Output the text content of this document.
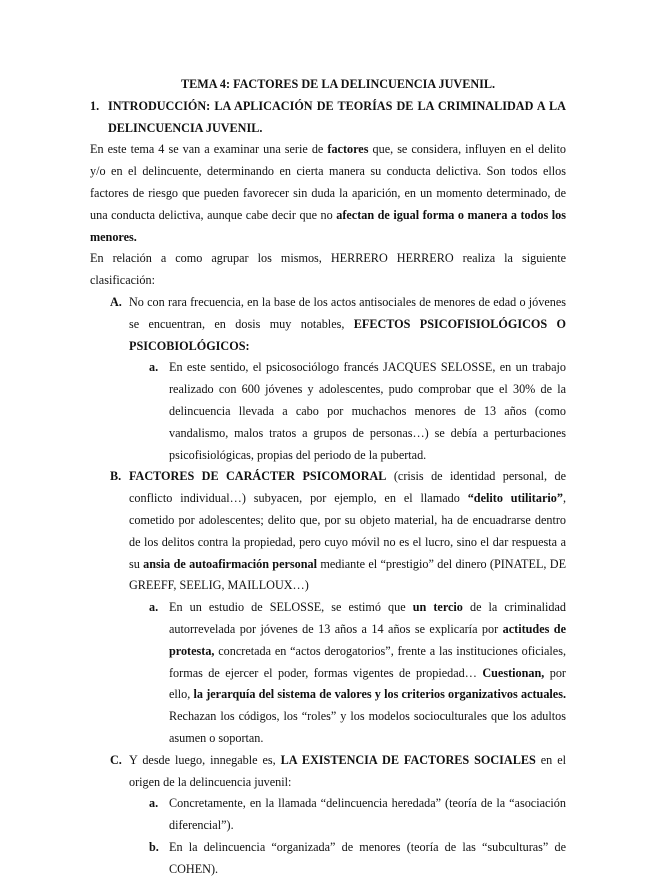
TEMA 4: FACTORES DE LA DELINCUENCIA JUVENIL.

1. INTRODUCCIÓN: LA APLICACIÓN DE TEORÍAS DE LA CRIMINALIDAD A LA DELINCUENCIA JUVENIL.

En este tema 4 se van a examinar una serie de factores que, se considera, influyen en el delito y/o en el delincuente, determinando en cierta manera su conducta delictiva. Son todos ellos factores de riesgo que pueden favorecer sin duda la aparición, en un momento determinado, de una conducta delictiva, aunque cabe decir que no afectan de igual forma o manera a todos los menores.

En relación a como agrupar los mismos, HERRERO HERRERO realiza la siguiente clasificación:

A. No con rara frecuencia, en la base de los actos antisociales de menores de edad o jóvenes se encuentran, en dosis muy notables, EFECTOS PSICOFISIOLÓGICOS O PSICOBIOLÓGICOS:
a. En este sentido, el psicosociólogo francés JACQUES SELOSSE, en un trabajo realizado con 600 jóvenes y adolescentes, pudo comprobar que el 30% de la delincuencia llevada a cabo por muchachos menores de 13 años (como vandalismo, malos tratos a grupos de personas…) se debía a perturbaciones psicofisiológicas, propias del periodo de la pubertad.
B. FACTORES DE CARÁCTER PSICOMORAL (crisis de identidad personal, de conflicto individual…) subyacen, por ejemplo, en el llamado “delito utilitario”, cometido por adolescentes; delito que, por su objeto material, ha de encuadrarse dentro de los delitos contra la propiedad, pero cuyo móvil no es el lucro, sino el dar respuesta a su ansia de autoafirmación personal mediante el “prestigio” del dinero (PINATEL, DE GREEFF, SEELIG, MAILLOUX…)
a. En un estudio de SELOSSE, se estimó que un tercio de la criminalidad autorrevelada por jóvenes de 13 años a 14 años se explicaría por actitudes de protesta, concretada en “actos derogatorios”, frente a las instituciones oficiales, formas de ejercer el poder, formas vigentes de propiedad… Cuestionan, por ello, la jerarquía del sistema de valores y los criterios organizativos actuales. Rechazan los códigos, los “roles” y los modelos socioculturales que los adultos asumen o soportan.
C. Y desde luego, innegable es, LA EXISTENCIA DE FACTORES SOCIALES en el origen de la delincuencia juvenil:
a. Concretamente, en la llamada “delincuencia heredada” (teoría de la “asociación diferencial”).
b. En la delincuencia “organizada” de menores (teoría de las “subculturas” de COHEN).
